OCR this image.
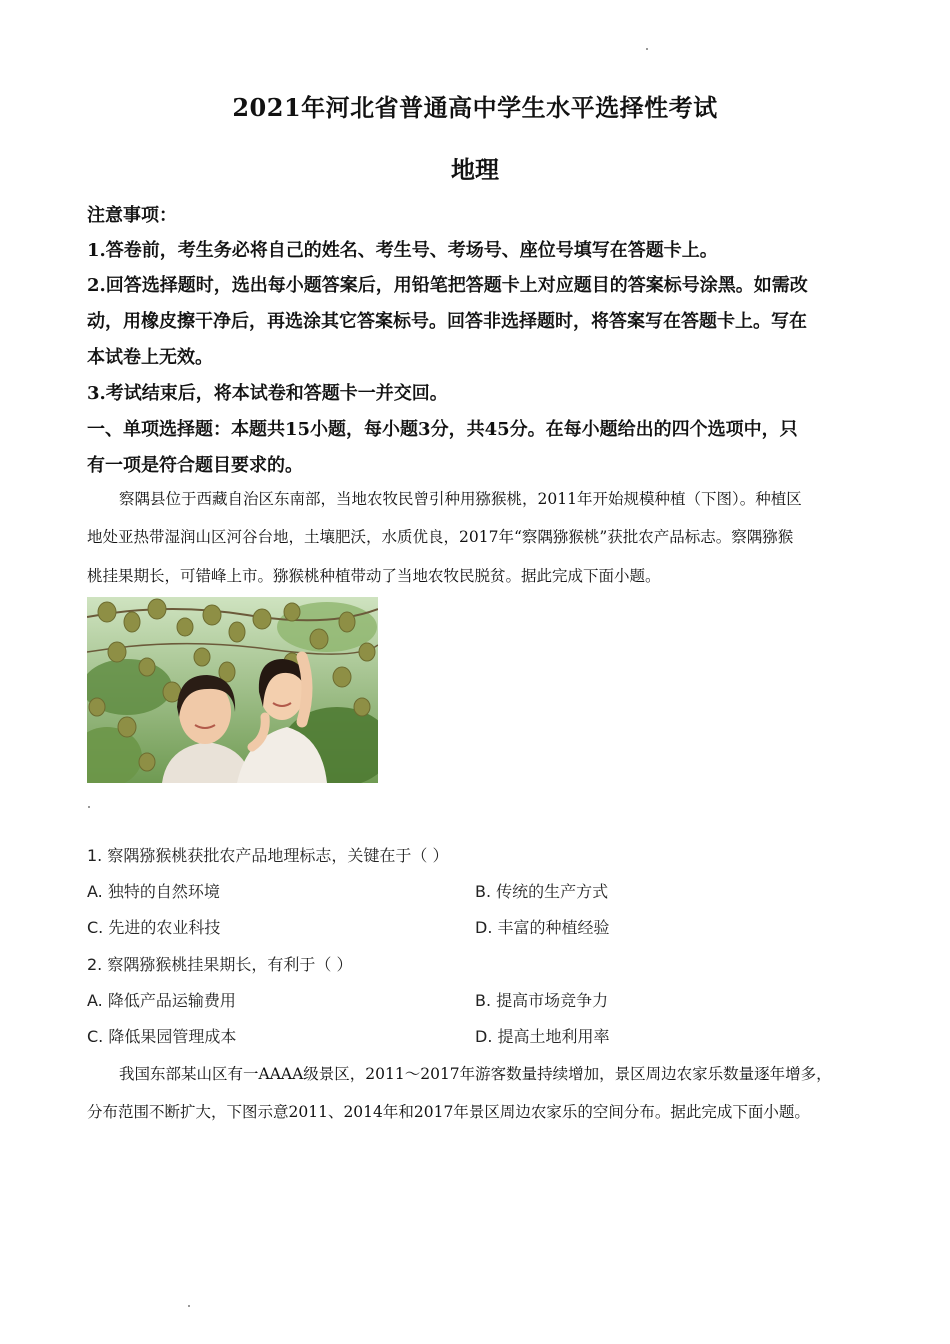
2021年河北省普通高中学生水平选择性考试
地理
注意事项：
1.答卷前，考生务必将自己的姓名、考生号、考场号、座位号填写在答题卡上。
2.回答选择题时，选出每小题答案后，用铅笔把答题卡上对应题目的答案标号涂黑。如需改
动，用橡皮擦干净后，再选涂其它答案标号。回答非选择题时，将答案写在答题卡上。写在
本试卷上无效。
3.考试结束后，将本试卷和答题卡一并交回。
一、单项选择题：本题共15小题，每小题3分，共45分。在每小题给出的四个选项中，只
有一项是符合题目要求的。
察隅县位于西藏自治区东南部，当地农牧民曾引种用猕猴桃，2011年开始规模种植（下图）。种植区
地处亚热带湿润山区河谷台地，土壤肥沃，水质优良，2017年“察隅猕猴桃”获批农产品标志。察隅猕猴
桃挂果期长，可错峰上市。猕猴桃种植带动了当地农牧民脱贫。据此完成下面小题。
1. 察隅猕猴桃获批农产品地理标志，关键在于（ ）
A. 独特的自然环境	B. 传统的生产方式
C. 先进的农业科技	D. 丰富的种植经验
2. 察隅猕猴桃挂果期长，有利于（ ）
A. 降低产品运输费用	B. 提高市场竞争力
C. 降低果园管理成本	D. 提高土地利用率
我国东部某山区有一AAAA级景区，2011～2017年游客数量持续增加，景区周边农家乐数量逐年增多，
分布范围不断扩大，下图示意2011、2014年和2017年景区周边农家乐的空间分布。据此完成下面小题。
